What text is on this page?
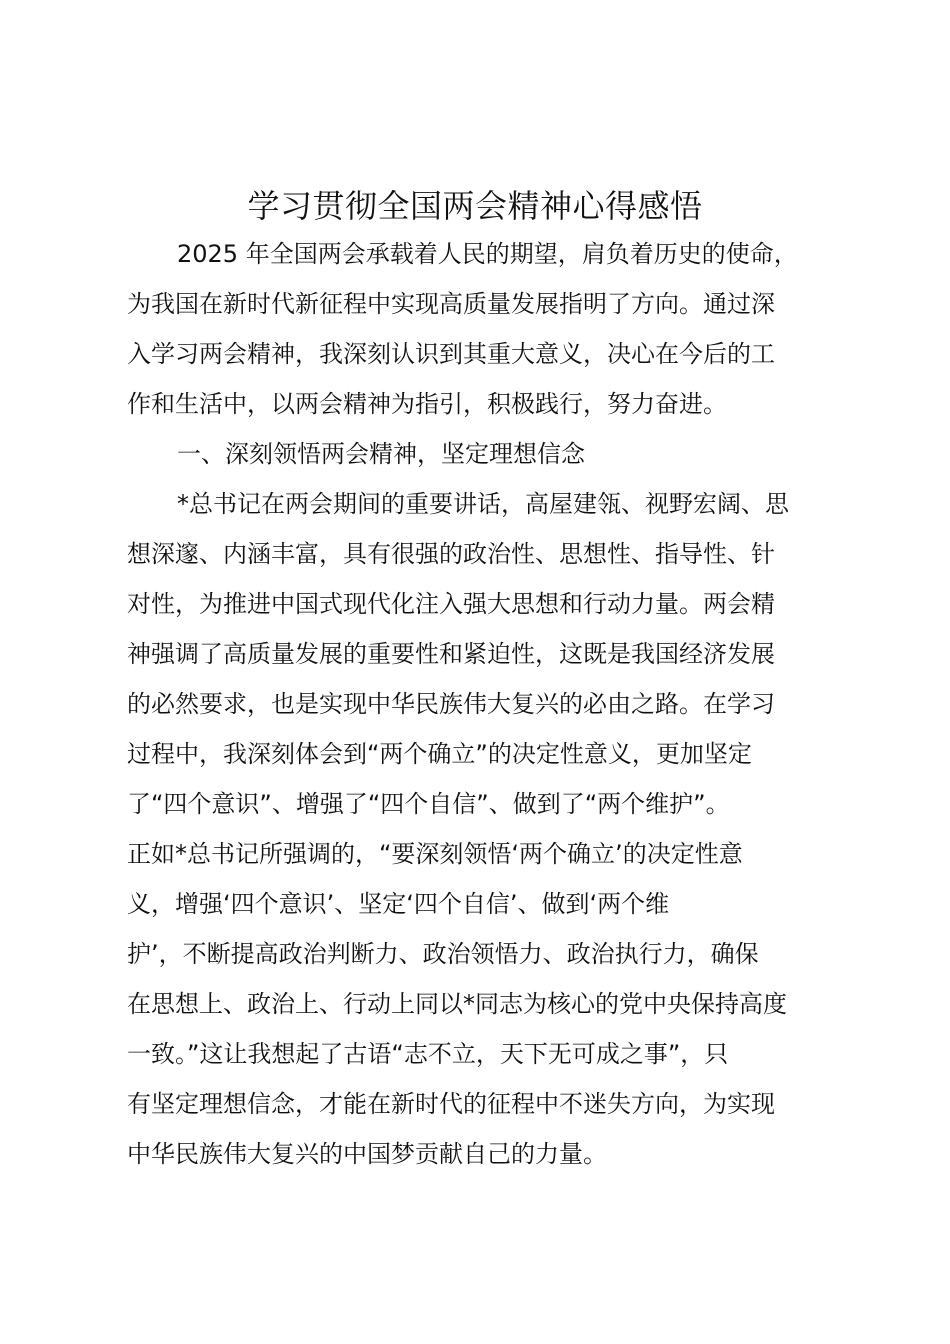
学习贯彻全国两会精神心得感悟

2025 年全国两会承载着人民的期望，肩负着历史的使命，

为我国在新时代新征程中实现高质量发展指明了方向。通过深

入学习两会精神，我深刻认识到其重大意义，决心在今后的工

作和生活中，以两会精神为指引，积极践行，努力奋进。

一、深刻领悟两会精神，坚定理想信念

*总书记在两会期间的重要讲话，高屋建瓴、视野宏阔、思

想深邃、内涵丰富，具有很强的政治性、思想性、指导性、针

对性，为推进中国式现代化注入强大思想和行动力量。两会精

神强调了高质量发展的重要性和紧迫性，这既是我国经济发展

的必然要求，也是实现中华民族伟大复兴的必由之路。在学习

过程中，我深刻体会到“两个确立”的决定性意义，更加坚定

了“四个意识”、增强了“四个自信”、做到了“两个维护”。

正如*总书记所强调的，“要深刻领悟‘两个确立’的决定性意

义，增强‘四个意识’、坚定‘四个自信’、做到‘两个维

护’，不断提高政治判断力、政治领悟力、政治执行力，确保

在思想上、政治上、行动上同以*同志为核心的党中央保持高度

一致。”这让我想起了古语“志不立，天下无可成之事”，只

有坚定理想信念，才能在新时代的征程中不迷失方向，为实现

中华民族伟大复兴的中国梦贡献自己的力量。
